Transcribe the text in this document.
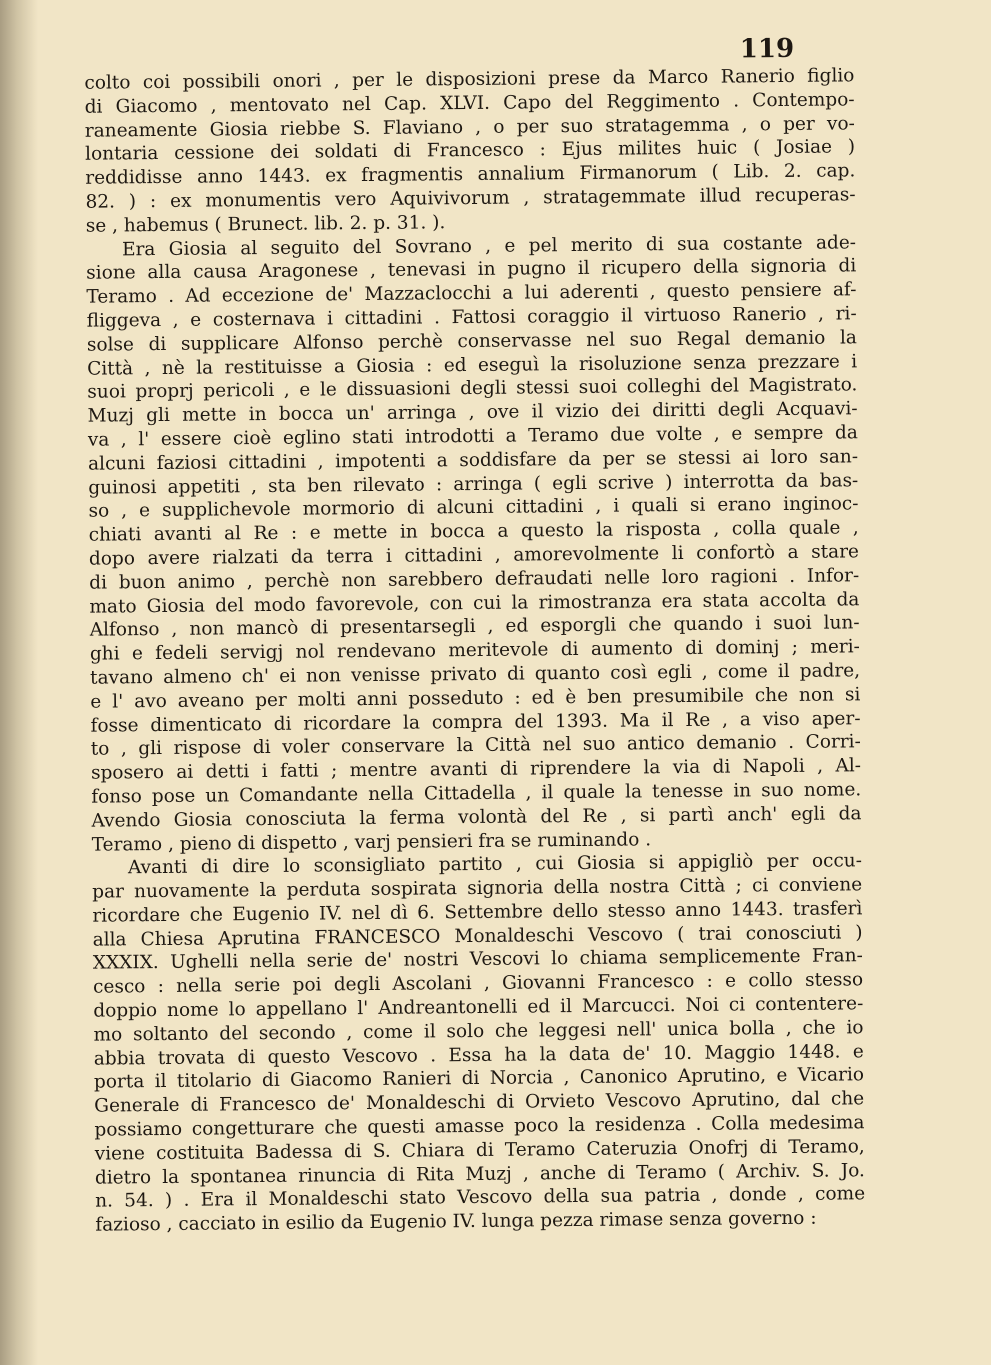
119
colto coi possibili onori , per le disposizioni prese da Marco Ranerio figlio
di Giacomo , mentovato nel Cap. XLVI. Capo del Reggimento . Contempo-
raneamente Giosia riebbe S. Flaviano , o per suo stratagemma , o per vo-
lontaria cessione dei soldati di Francesco : Ejus milites huic ( Josiae )
reddidisse anno 1443. ex fragmentis annalium Firmanorum ( Lib. 2. cap.
82. ) : ex monumentis vero Aquivivorum , stratagemmate illud recuperas-
se , habemus ( Brunect. lib. 2. p. 31. ).
Era Giosia al seguito del Sovrano , e pel merito di sua costante ade-
sione alla causa Aragonese , tenevasi in pugno il ricupero della signoria di
Teramo . Ad eccezione de' Mazzaclocchi a lui aderenti , questo pensiere af-
fliggeva , e costernava i cittadini . Fattosi coraggio il virtuoso Ranerio , ri-
solse di supplicare Alfonso perchè conservasse nel suo Regal demanio la
Città , nè la restituisse a Giosia : ed eseguì la risoluzione senza prezzare i
suoi proprj pericoli , e le dissuasioni degli stessi suoi colleghi del Magistrato.
Muzj gli mette in bocca un' arringa , ove il vizio dei diritti degli Acquavi-
va , l' essere cioè eglino stati introdotti a Teramo due volte , e sempre da
alcuni faziosi cittadini , impotenti a soddisfare da per se stessi ai loro san-
guinosi appetiti , sta ben rilevato : arringa ( egli scrive ) interrotta da bas-
so , e supplichevole mormorio di alcuni cittadini , i quali si erano inginoc-
chiati avanti al Re : e mette in bocca a questo la risposta , colla quale ,
dopo avere rialzati da terra i cittadini , amorevolmente li confortò a stare
di buon animo , perchè non sarebbero defraudati nelle loro ragioni . Infor-
mato Giosia del modo favorevole, con cui la rimostranza era stata accolta da
Alfonso , non mancò di presentarsegli , ed esporgli che quando i suoi lun-
ghi e fedeli servigj nol rendevano meritevole di aumento di dominj ; meri-
tavano almeno ch' ei non venisse privato di quanto così egli , come il padre,
e l' avo aveano per molti anni posseduto : ed è ben presumibile che non si
fosse dimenticato di ricordare la compra del 1393. Ma il Re , a viso aper-
to , gli rispose di voler conservare la Città nel suo antico demanio . Corri-
sposero ai detti i fatti ; mentre avanti di riprendere la via di Napoli , Al-
fonso pose un Comandante nella Cittadella , il quale la tenesse in suo nome.
Avendo Giosia conosciuta la ferma volontà del Re , si partì anch' egli da
Teramo , pieno di dispetto , varj pensieri fra se ruminando .
Avanti di dire lo sconsigliato partito , cui Giosia si appigliò per occu-
par nuovamente la perduta sospirata signoria della nostra Città ; ci conviene
ricordare che Eugenio IV. nel dì 6. Settembre dello stesso anno 1443. trasferì
alla Chiesa Aprutina FRANCESCO Monaldeschi Vescovo ( trai conosciuti )
XXXIX. Ughelli nella serie de' nostri Vescovi lo chiama semplicemente Fran-
cesco : nella serie poi degli Ascolani , Giovanni Francesco : e collo stesso
doppio nome lo appellano l' Andreantonelli ed il Marcucci. Noi ci contentere-
mo soltanto del secondo , come il solo che leggesi nell' unica bolla , che io
abbia trovata di questo Vescovo . Essa ha la data de' 10. Maggio 1448. e
porta il titolario di Giacomo Ranieri di Norcia , Canonico Aprutino, e Vicario
Generale di Francesco de' Monaldeschi di Orvieto Vescovo Aprutino, dal che
possiamo congetturare che questi amasse poco la residenza . Colla medesima
viene costituita Badessa di S. Chiara di Teramo Cateruzia Onofrj di Teramo,
dietro la spontanea rinuncia di Rita Muzj , anche di Teramo ( Archiv. S. Jo.
n. 54. ) . Era il Monaldeschi stato Vescovo della sua patria , donde , come
fazioso , cacciato in esilio da Eugenio IV. lunga pezza rimase senza governo :
